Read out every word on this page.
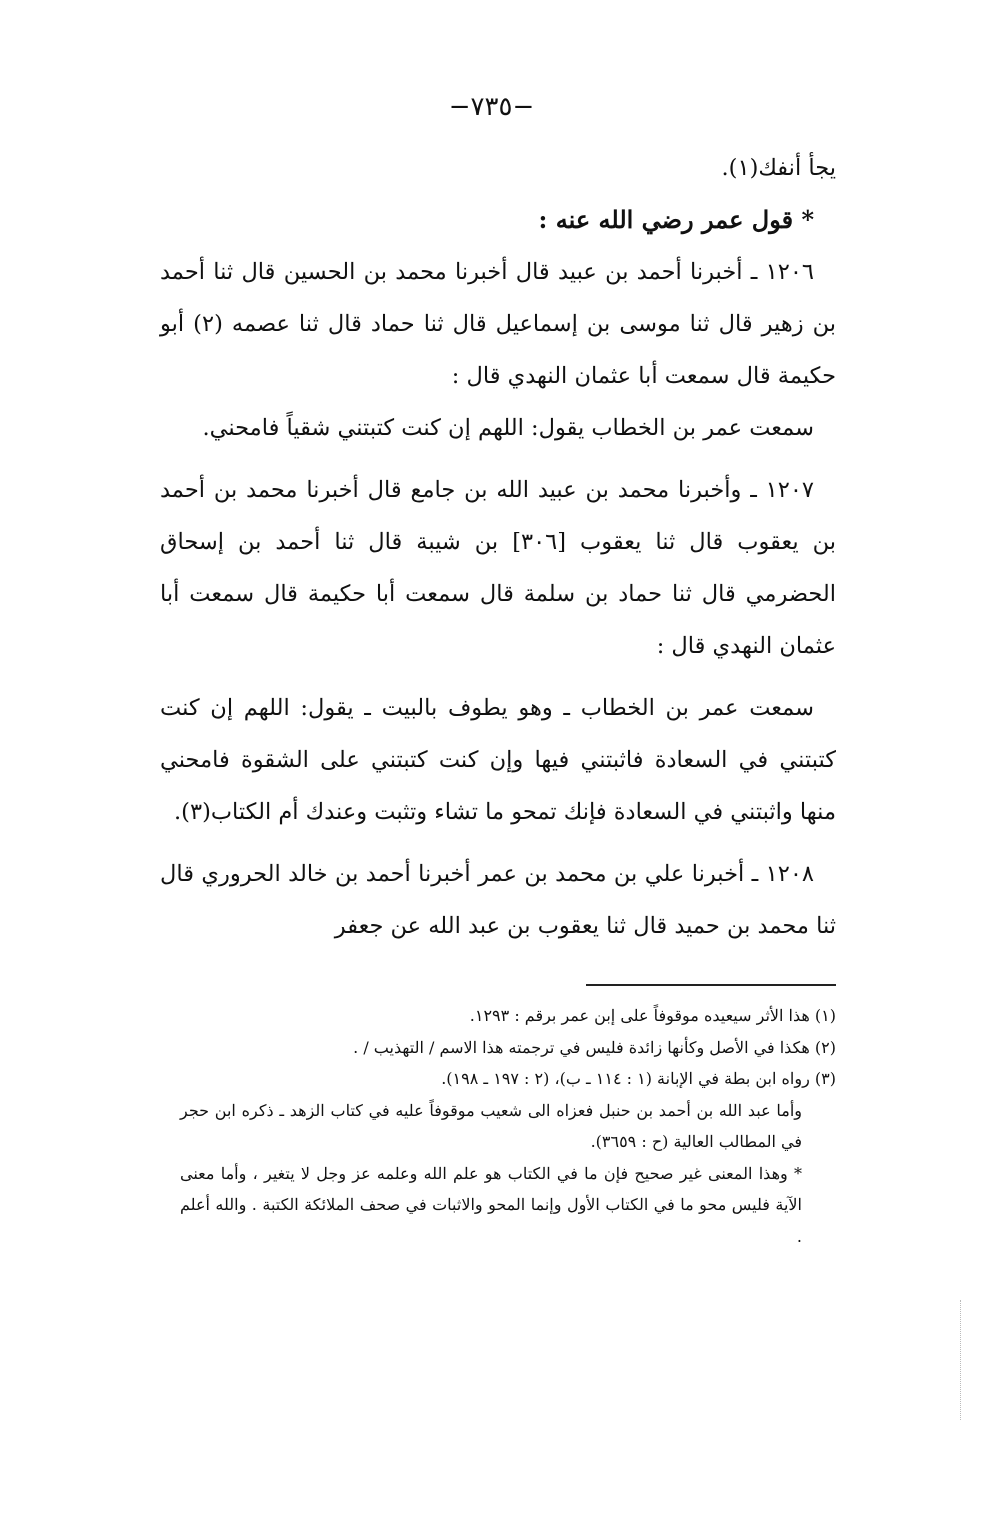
−٧٣٥−

يجأ أنفك(١).

* قول عمر رضي الله عنه :

١٢٠٦ ـ أخبرنا أحمد بن عبيد قال أخبرنا محمد بن الحسين قال ثنا أحمد بن زهير قال ثنا موسى بن إسماعيل قال ثنا حماد قال ثنا عصمه (٢) أبو حكيمة قال سمعت أبا عثمان النهدي قال :

سمعت عمر بن الخطاب يقول: اللهم إن كنت كتبتني شقياً فامحني.

١٢٠٧ ـ وأخبرنا محمد بن عبيد الله بن جامع قال أخبرنا محمد بن أحمد بن يعقوب قال ثنا يعقوب [٣٠٦] بن شيبة قال ثنا أحمد بن إسحاق الحضرمي قال ثنا حماد بن سلمة قال سمعت أبا حكيمة قال سمعت أبا عثمان النهدي قال :

سمعت عمر بن الخطاب ـ وهو يطوف بالبيت ـ يقول: اللهم إن كنت كتبتني في السعادة فاثبتني فيها وإن كنت كتبتني على الشقوة فامحني منها واثبتني في السعادة فإنك تمحو ما تشاء وتثبت وعندك أم الكتاب(٣).

١٢٠٨ ـ أخبرنا علي بن محمد بن عمر أخبرنا أحمد بن خالد الحروري قال ثنا محمد بن حميد قال ثنا يعقوب بن عبد الله عن جعفر

(١) هذا الأثر سيعيده موقوفاً على إبن عمر برقم : ١٢٩٣.

(٢) هكذا في الأصل وكأنها زائدة فليس في ترجمته هذا الاسم / التهذيب / .

(٣) رواه ابن بطة في الإبانة (١ : ١١٤ ـ ب)، (٢ : ١٩٧ ـ ١٩٨).

وأما عبد الله بن أحمد بن حنبل فعزاه الى شعيب موقوفاً عليه في كتاب الزهد ـ ذكره ابن حجر في المطالب العالية (ح : ٣٦٥٩).

* وهذا المعنى غير صحيح فإن ما في الكتاب هو علم الله وعلمه عز وجل لا يتغير ، وأما معنى الآية فليس محو ما في الكتاب الأول وإنما المحو والاثبات في صحف الملائكة الكتبة . والله أعلم .
